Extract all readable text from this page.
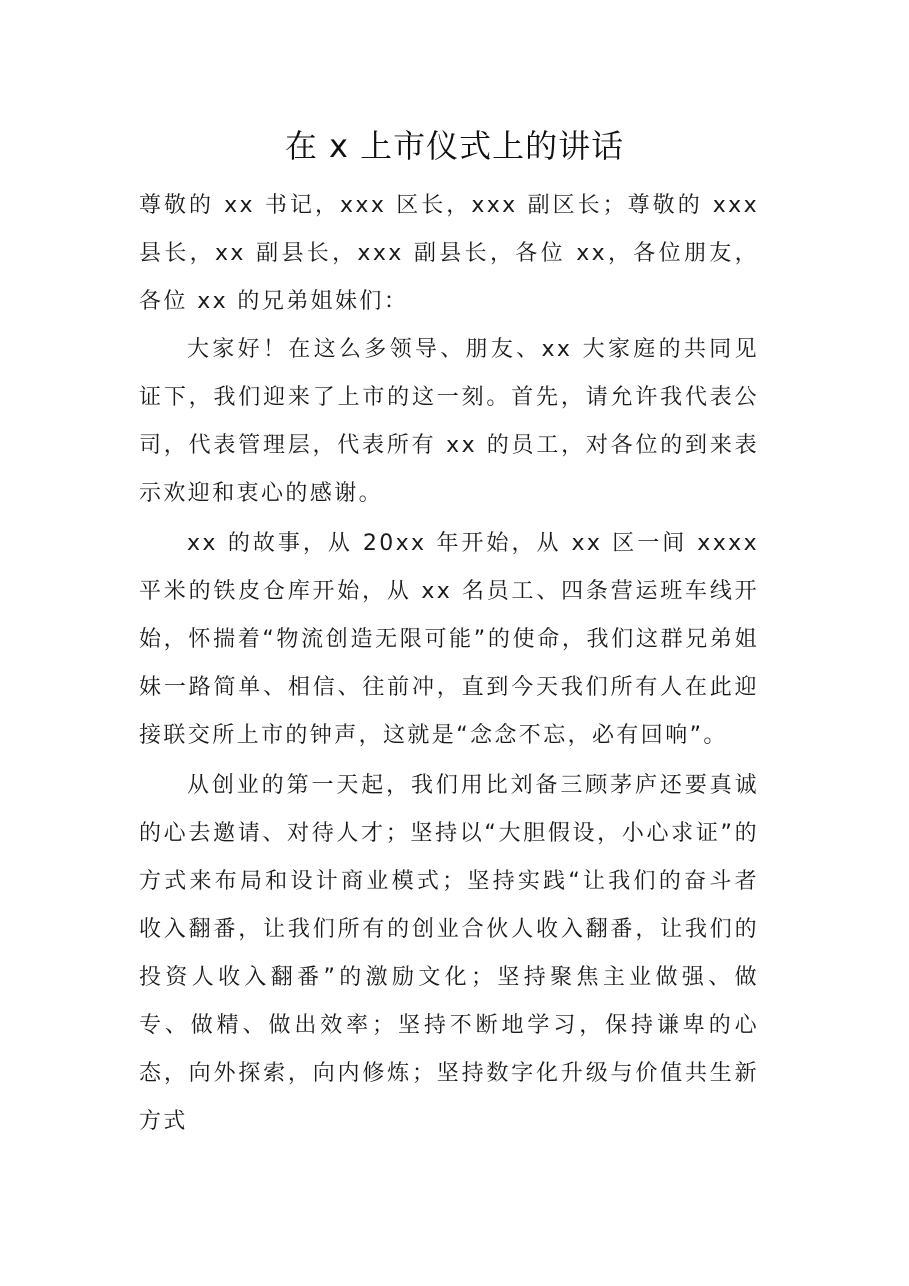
在 x 上市仪式上的讲话

尊敬的 xx 书记，xxx 区长，xxx 副区长；尊敬的 xxx 县长，xx 副县长，xxx 副县长，各位 xx，各位朋友，各位 xx 的兄弟姐妹们：

大家好！在这么多领导、朋友、xx 大家庭的共同见证下，我们迎来了上市的这一刻。首先，请允许我代表公司，代表管理层，代表所有 xx 的员工，对各位的到来表示欢迎和衷心的感谢。

xx 的故事，从 20xx 年开始，从 xx 区一间 xxxx 平米的铁皮仓库开始，从 xx 名员工、四条营运班车线开始，怀揣着“物流创造无限可能”的使命，我们这群兄弟姐妹一路简单、相信、往前冲，直到今天我们所有人在此迎接联交所上市的钟声，这就是“念念不忘，必有回响”。

从创业的第一天起，我们用比刘备三顾茅庐还要真诚的心去邀请、对待人才；坚持以“大胆假设，小心求证”的方式来布局和设计商业模式；坚持实践“让我们的奋斗者收入翻番，让我们所有的创业合伙人收入翻番，让我们的投资人收入翻番”的激励文化；坚持聚焦主业做强、做专、做精、做出效率；坚持不断地学习，保持谦卑的心态，向外探索，向内修炼；坚持数字化升级与价值共生新方式
